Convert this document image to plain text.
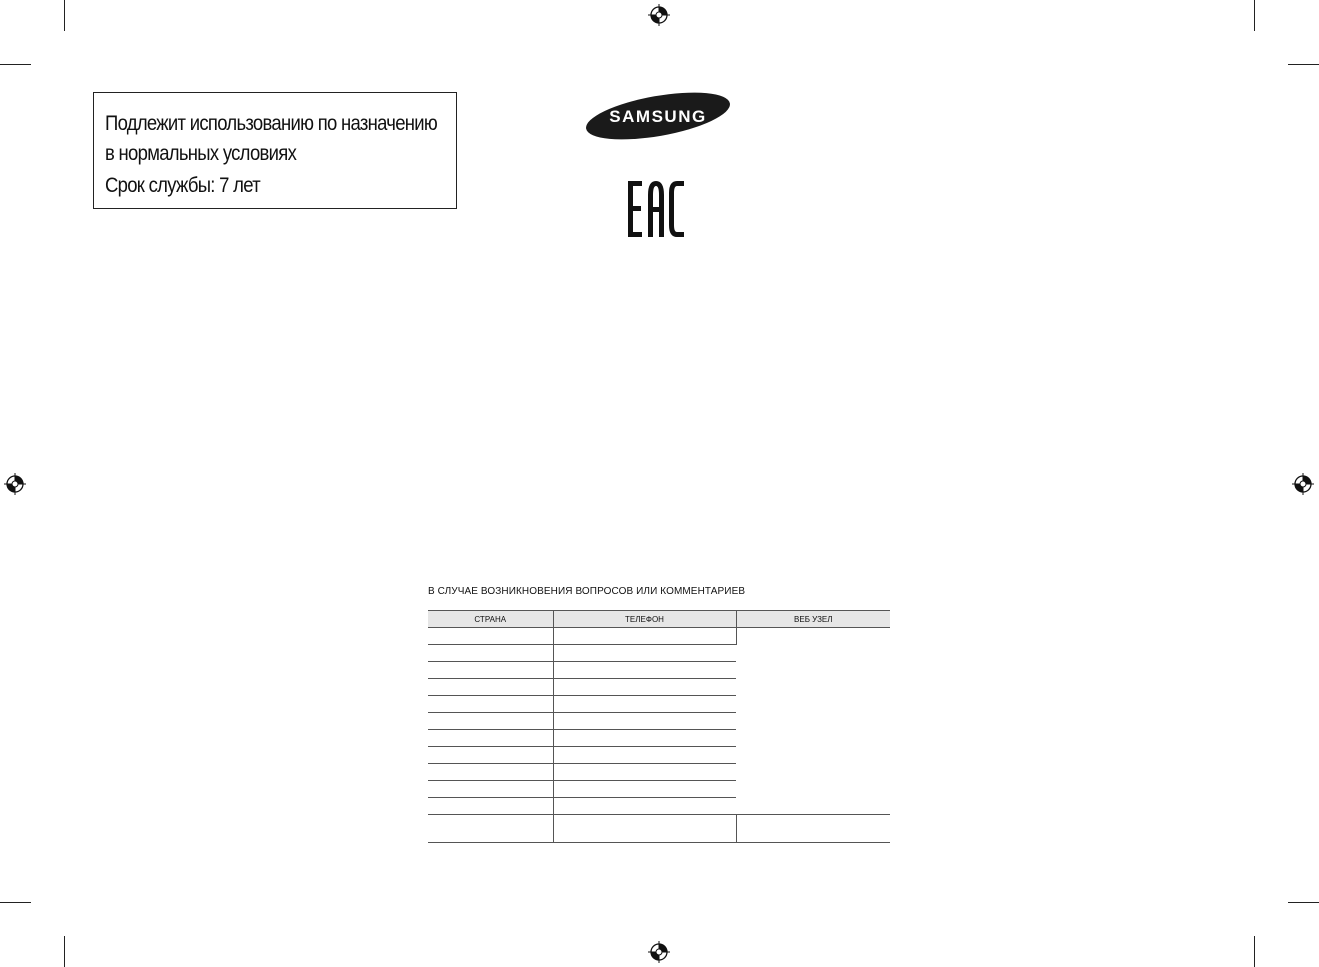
Подлежит использованию по назначению
в нормальных условиях
Срок службы: 7 лет
SAMSUNG
В СЛУЧАЕ ВОЗНИКНОВЕНИЯ ВОПРОСОВ ИЛИ КОММЕНТАРИЕВ
СТРАНА	ТЕЛЕФОН	ВЕБ УЗЕЛ
